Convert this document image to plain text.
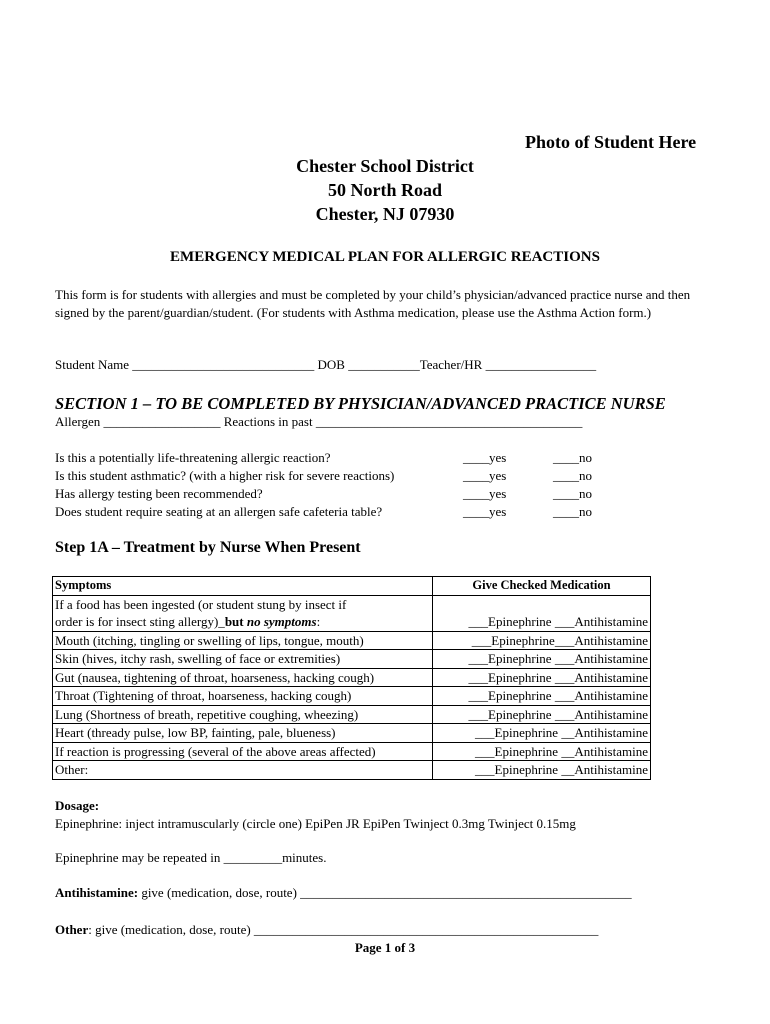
Photo of Student Here
Chester School District
50 North Road
Chester, NJ 07930
EMERGENCY MEDICAL PLAN FOR ALLERGIC REACTIONS
This form is for students with allergies and must be completed by your child’s physician/advanced practice nurse and then signed by the parent/guardian/student. (For students with Asthma medication, please use the Asthma Action form.)
Student Name ____________________________ DOB ___________Teacher/HR _________________
SECTION 1 – TO BE COMPLETED BY PHYSICIAN/ADVANCED PRACTICE NURSE
Allergen __________________ Reactions in past _________________________________________
Is this a potentially life-threatening allergic reaction?	____yes	____no
Is this student asthmatic? (with a higher risk for severe reactions)	____yes	____no
Has allergy testing been recommended?	____yes	____no
Does student require seating at an allergen safe cafeteria table?	____yes	____no
Step 1A – Treatment by Nurse When Present
Symptoms	Give Checked Medication
If a food has been ingested (or student stung by insect if
order is for insect sting allergy)_but no symptoms:	___Epinephrine ___Antihistamine
Mouth (itching, tingling or swelling of lips, tongue, mouth)	___Epinephrine___Antihistamine
Skin (hives, itchy rash, swelling of face or extremities)	___Epinephrine ___Antihistamine
Gut (nausea, tightening of throat, hoarseness, hacking cough)	___Epinephrine ___Antihistamine
Throat (Tightening of throat, hoarseness, hacking cough)	___Epinephrine ___Antihistamine
Lung (Shortness of breath, repetitive coughing, wheezing)	___Epinephrine ___Antihistamine
Heart (thready pulse, low BP, fainting, pale, blueness)	___Epinephrine __Antihistamine
If reaction is progressing (several of the above areas affected)	___Epinephrine __Antihistamine
Other:	___Epinephrine __Antihistamine
Dosage:
Epinephrine: inject intramuscularly (circle one) EpiPen JR EpiPen Twinject 0.3mg Twinject 0.15mg
Epinephrine may be repeated in _________minutes.
Antihistamine: give (medication, dose, route) ___________________________________________________
Other: give (medication, dose, route) _____________________________________________________
Page 1 of 3
